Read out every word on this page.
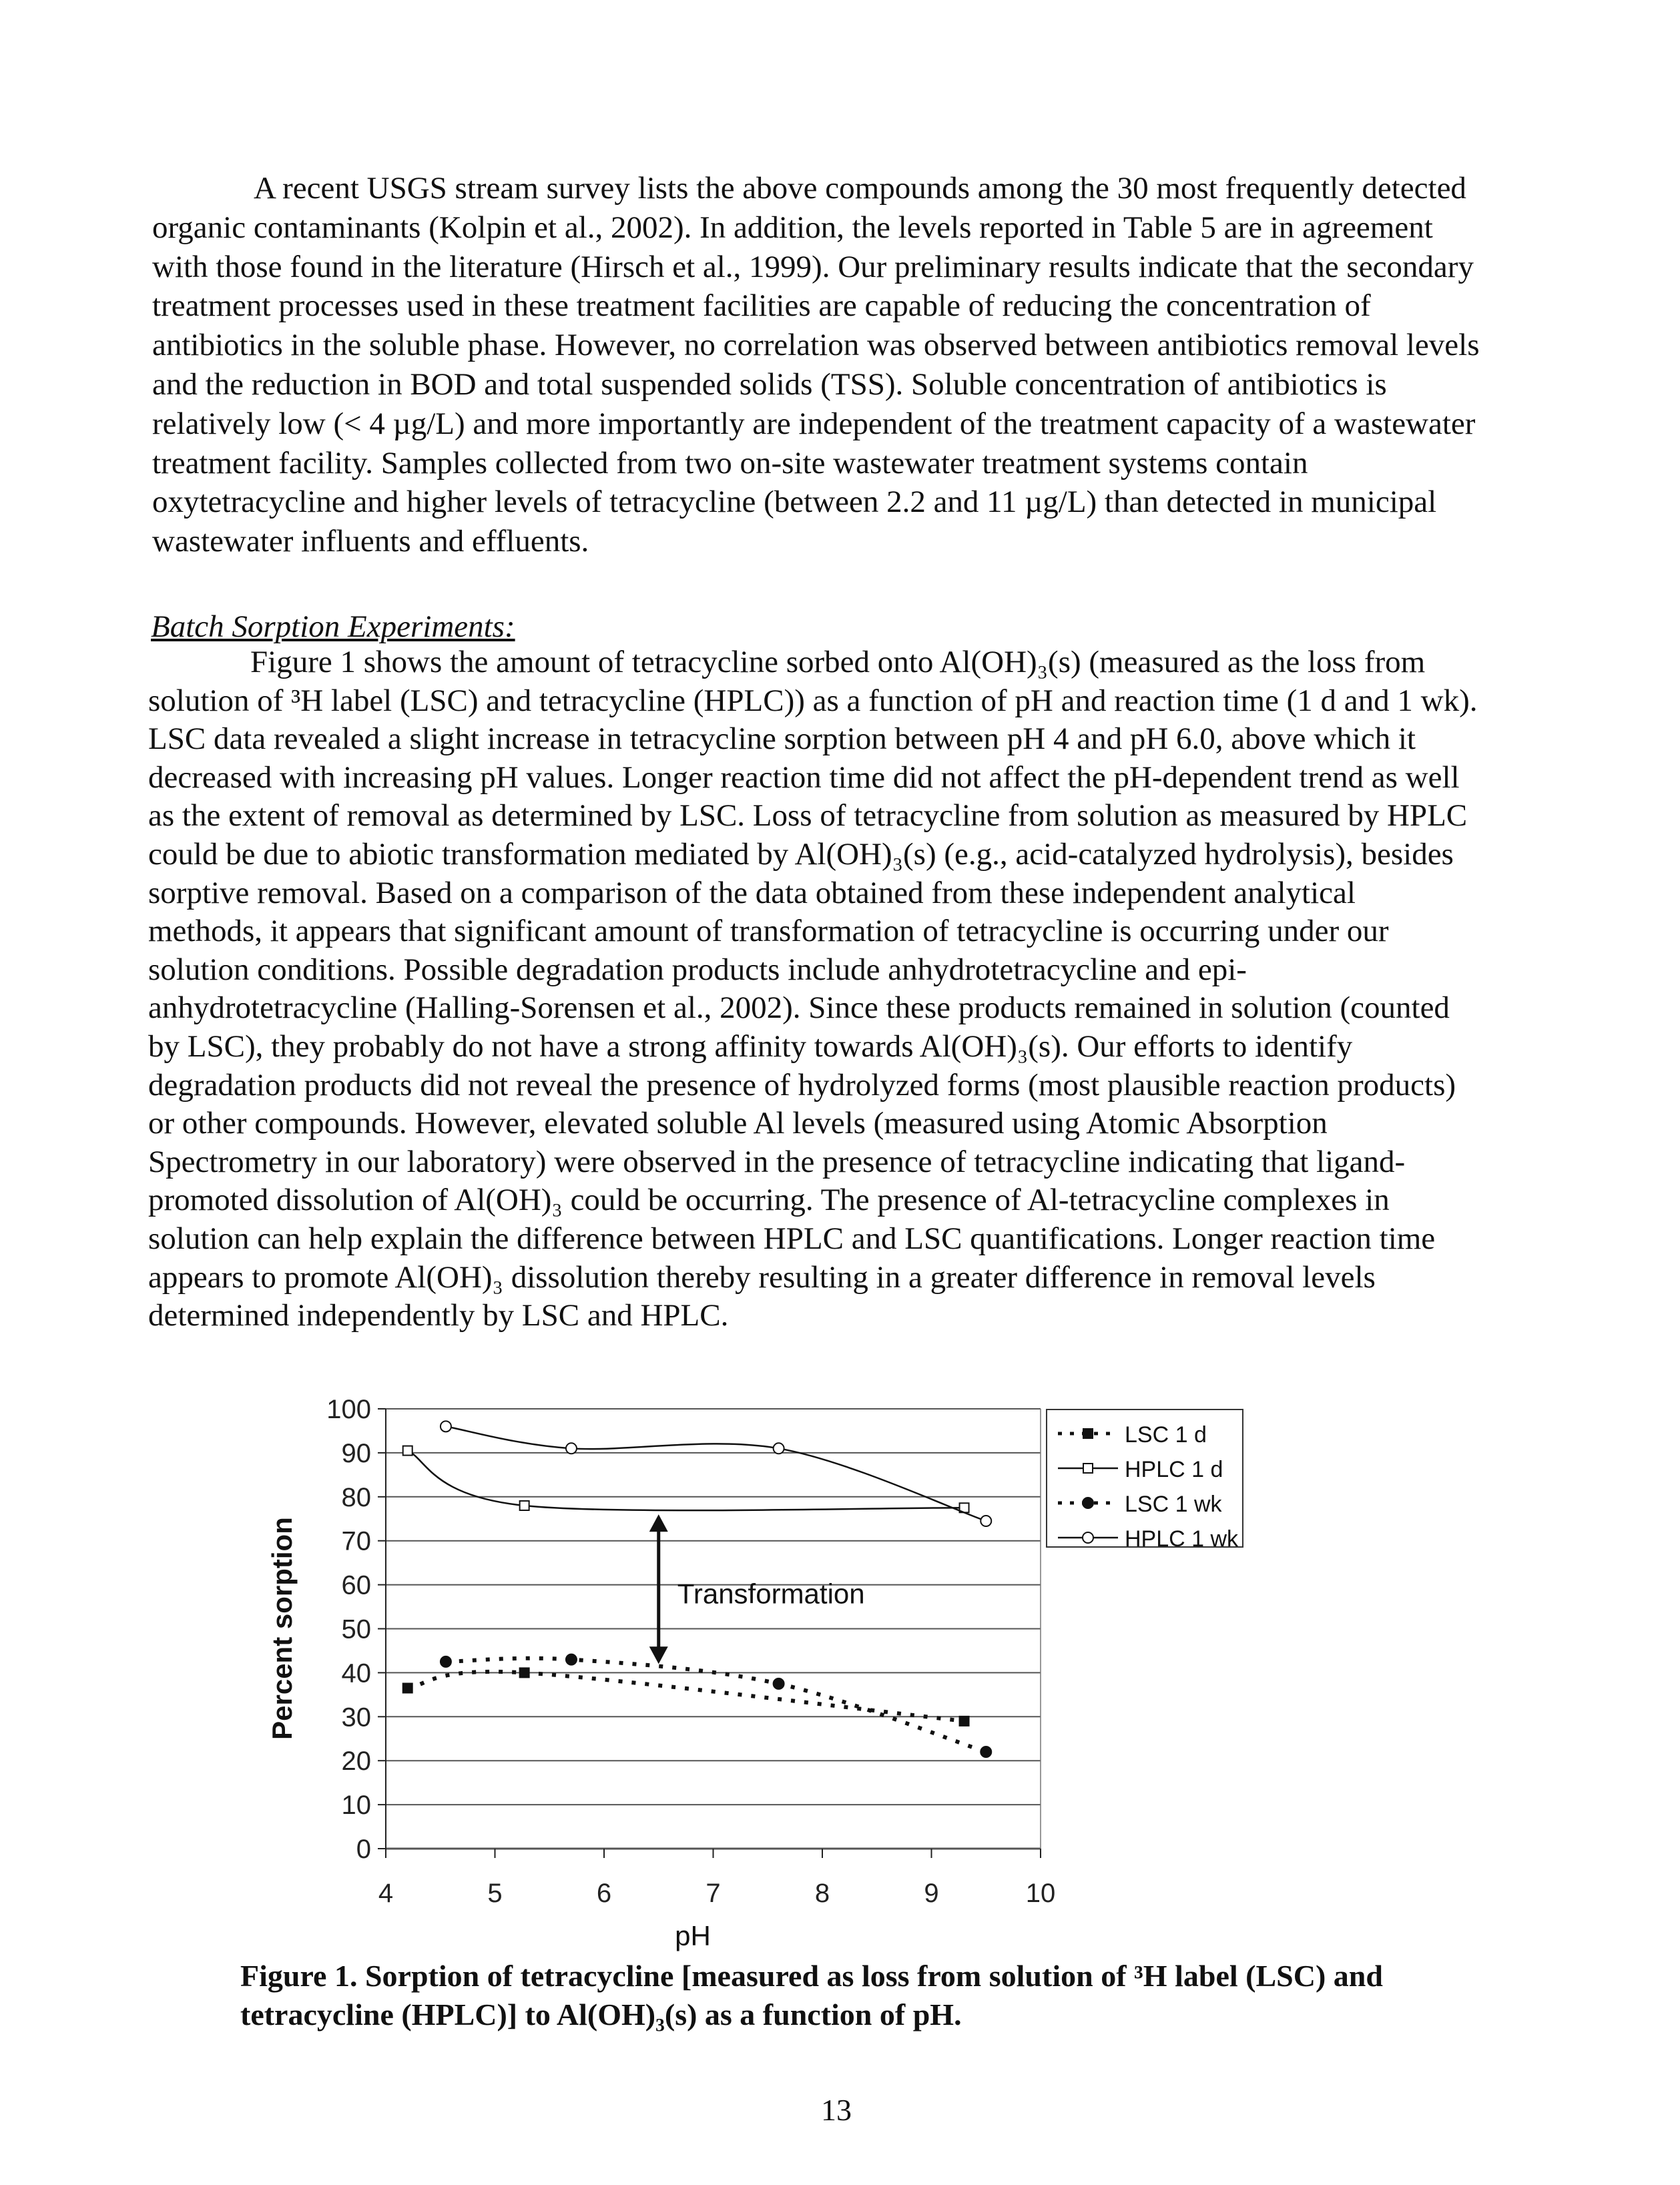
A recent USGS stream survey lists the above compounds among the 30 most frequently detected
organic contaminants (Kolpin et al., 2002). In addition, the levels reported in Table 5 are in agreement
with those found in the literature (Hirsch et al., 1999). Our preliminary results indicate that the secondary
treatment processes used in these treatment facilities are capable of reducing the concentration of
antibiotics in the soluble phase. However, no correlation was observed between antibiotics removal levels
and the reduction in BOD and total suspended solids (TSS). Soluble concentration of antibiotics is
relatively low (< 4 µg/L) and more importantly are independent of the treatment capacity of a wastewater
treatment facility. Samples collected from two on-site wastewater treatment systems contain
oxytetracycline and higher levels of tetracycline (between 2.2 and 11 µg/L) than detected in municipal
wastewater influents and effluents.
Batch Sorption Experiments:
Figure 1 shows the amount of tetracycline sorbed onto Al(OH)₃(s) (measured as the loss from
solution of ³H label (LSC) and tetracycline (HPLC)) as a function of pH and reaction time (1 d and 1 wk).
LSC data revealed a slight increase in tetracycline sorption between pH 4 and pH 6.0, above which it
decreased with increasing pH values. Longer reaction time did not affect the pH-dependent trend as well
as the extent of removal as determined by LSC. Loss of tetracycline from solution as measured by HPLC
could be due to abiotic transformation mediated by Al(OH)₃(s) (e.g., acid-catalyzed hydrolysis), besides
sorptive removal. Based on a comparison of the data obtained from these independent analytical
methods, it appears that significant amount of transformation of tetracycline is occurring under our
solution conditions. Possible degradation products include anhydrotetracycline and epi-
anhydrotetracycline (Halling-Sorensen et al., 2002). Since these products remained in solution (counted
by LSC), they probably do not have a strong affinity towards Al(OH)₃(s). Our efforts to identify
degradation products did not reveal the presence of hydrolyzed forms (most plausible reaction products)
or other compounds. However, elevated soluble Al levels (measured using Atomic Absorption
Spectrometry in our laboratory) were observed in the presence of tetracycline indicating that ligand-
promoted dissolution of Al(OH)₃ could be occurring. The presence of Al-tetracycline complexes in
solution can help explain the difference between HPLC and LSC quantifications. Longer reaction time
appears to promote Al(OH)₃ dissolution thereby resulting in a greater difference in removal levels
determined independently by LSC and HPLC.
0
10
20
30
40
50
60
70
80
90
100
4	5	6	7	8	9	10
pH
Percent sorption
LSC 1 d
HPLC 1 d
LSC 1 wk
HPLC 1 wk
Transformation
Figure 1. Sorption of tetracycline [measured as loss from solution of ³H label (LSC) and
tetracycline (HPLC)] to Al(OH)₃(s) as a function of pH.
13
